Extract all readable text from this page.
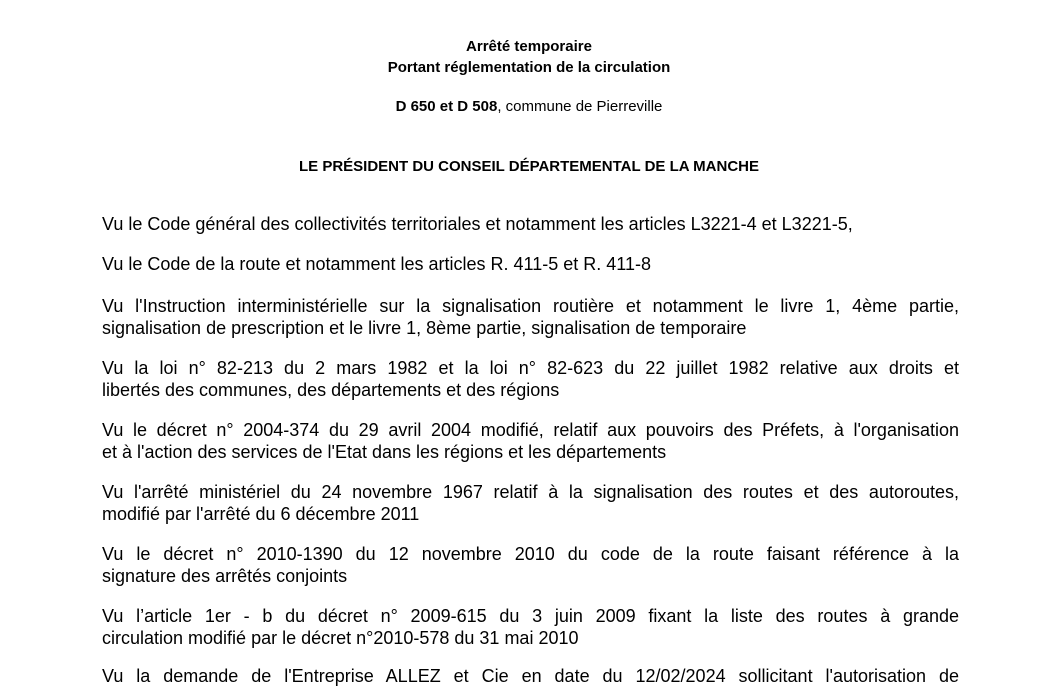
Arrêté temporaire
Portant réglementation de la circulation
D 650 et D 508, commune de Pierreville
LE PRÉSIDENT DU CONSEIL DÉPARTEMENTAL DE LA MANCHE
Vu le Code général des collectivités territoriales et notamment les articles L3221-4 et L3221-5,
Vu le Code de la route et notamment les articles R. 411-5 et R. 411-8
Vu l'Instruction interministérielle sur la signalisation routière et notamment le livre 1, 4ème partie,
signalisation de prescription et le livre 1, 8ème partie, signalisation de temporaire
Vu la loi n° 82-213 du 2 mars 1982 et la loi n° 82-623 du 22 juillet 1982 relative aux droits et
libertés des communes, des départements et des régions
Vu le décret n° 2004-374 du 29 avril 2004 modifié, relatif aux pouvoirs des Préfets, à l'organisation
et à l'action des services de l'Etat dans les régions et les départements
Vu l'arrêté ministériel du 24 novembre 1967 relatif à la signalisation des routes et des autoroutes,
modifié par l'arrêté du 6 décembre 2011
Vu le décret n° 2010-1390 du 12 novembre 2010 du code de la route faisant référence à la
signature des arrêtés conjoints
Vu l’article 1er - b du décret n° 2009-615 du 3 juin 2009 fixant la liste des routes à grande
circulation modifié par le décret n°2010-578 du 31 mai 2010
Vu la demande de l'Entreprise ALLEZ et Cie en date du 12/02/2024 sollicitant l'autorisation de
